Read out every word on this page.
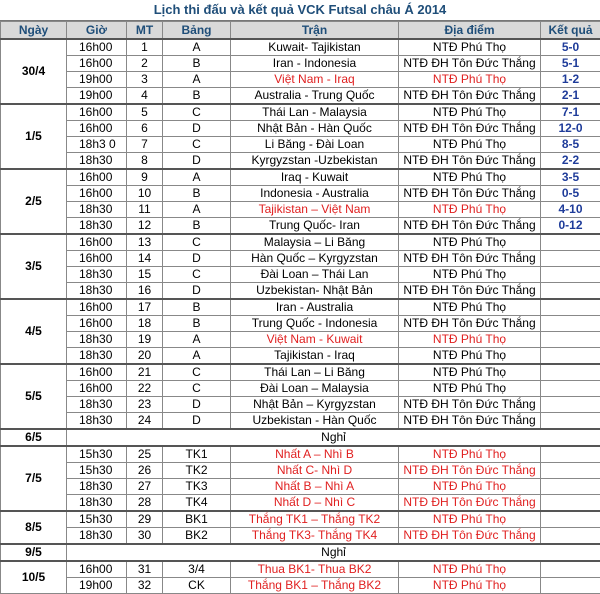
Lịch thi đấu và kết quả VCK Futsal châu Á 2014
Ngày	Giờ	MT	Bảng	Trận	Địa điểm	Kết quả
30/4	16h00	1	A	Kuwait- Tajikistan	NTĐ Phú Thọ	5-0
	16h00	2	B	Iran - Indonesia	NTĐ ĐH Tôn Đức Thắng	5-1
	19h00	3	A	Việt Nam - Iraq	NTĐ Phú Thọ	1-2
	19h00	4	B	Australia - Trung Quốc	NTĐ ĐH Tôn Đức Thắng	2-1
1/5	16h00	5	C	Thái Lan - Malaysia	NTĐ Phú Thọ	7-1
	16h00	6	D	Nhật Bản - Hàn Quốc	NTĐ ĐH Tôn Đức Thắng	12-0
	18h3 0	7	C	Li Băng - Đài Loan	NTĐ Phú Thọ	8-5
	18h30	8	D	Kyrgyzstan -Uzbekistan	NTĐ ĐH Tôn Đức Thắng	2-2
2/5	16h00	9	A	Iraq - Kuwait	NTĐ Phú Thọ	3-5
	16h00	10	B	Indonesia - Australia	NTĐ ĐH Tôn Đức Thắng	0-5
	18h30	11	A	Tajikistan – Việt Nam	NTĐ Phú Thọ	4-10
	18h30	12	B	Trung Quốc- Iran	NTĐ ĐH Tôn Đức Thắng	0-12
3/5	16h00	13	C	Malaysia – Li Băng	NTĐ Phú Thọ	
	16h00	14	D	Hàn Quốc – Kyrgyzstan	NTĐ ĐH Tôn Đức Thắng	
	18h30	15	C	Đài Loan – Thái Lan	NTĐ Phú Thọ	
	18h30	16	D	Uzbekistan- Nhật Bản	NTĐ ĐH Tôn Đức Thắng	
4/5	16h00	17	B	Iran - Australia	NTĐ Phú Thọ	
	16h00	18	B	Trung Quốc - Indonesia	NTĐ ĐH Tôn Đức Thắng	
	18h30	19	A	Việt Nam - Kuwait	NTĐ Phú Thọ	
	18h30	20	A	Tajikistan - Iraq	NTĐ Phú Thọ	
5/5	16h00	21	C	Thái Lan – Li Băng	NTĐ Phú Thọ	
	16h00	22	C	Đài Loan – Malaysia	NTĐ Phú Thọ	
	18h30	23	D	Nhật Bản – Kyrgyzstan	NTĐ ĐH Tôn Đức Thắng	
	18h30	24	D	Uzbekistan - Hàn Quốc	NTĐ ĐH Tôn Đức Thắng	
6/5	Nghỉ					
7/5	15h30	25	TK1	Nhất A – Nhì B	NTĐ Phú Thọ	
	15h30	26	TK2	Nhất C- Nhì D	NTĐ ĐH Tôn Đức Thắng	
	18h30	27	TK3	Nhất B – Nhì A	NTĐ Phú Thọ	
	18h30	28	TK4	Nhất D – Nhì C	NTĐ ĐH Tôn Đức Thắng	
8/5	15h30	29	BK1	Thắng TK1 – Thắng TK2	NTĐ Phú Thọ	
	18h30	30	BK2	Thắng TK3- Thắng TK4	NTĐ ĐH Tôn Đức Thắng	
9/5	Nghỉ					
10/5	16h00	31	3/4	Thua BK1- Thua BK2	NTĐ Phú Thọ	
	19h00	32	CK	Thắng BK1 – Thắng BK2	NTĐ Phú Thọ	
